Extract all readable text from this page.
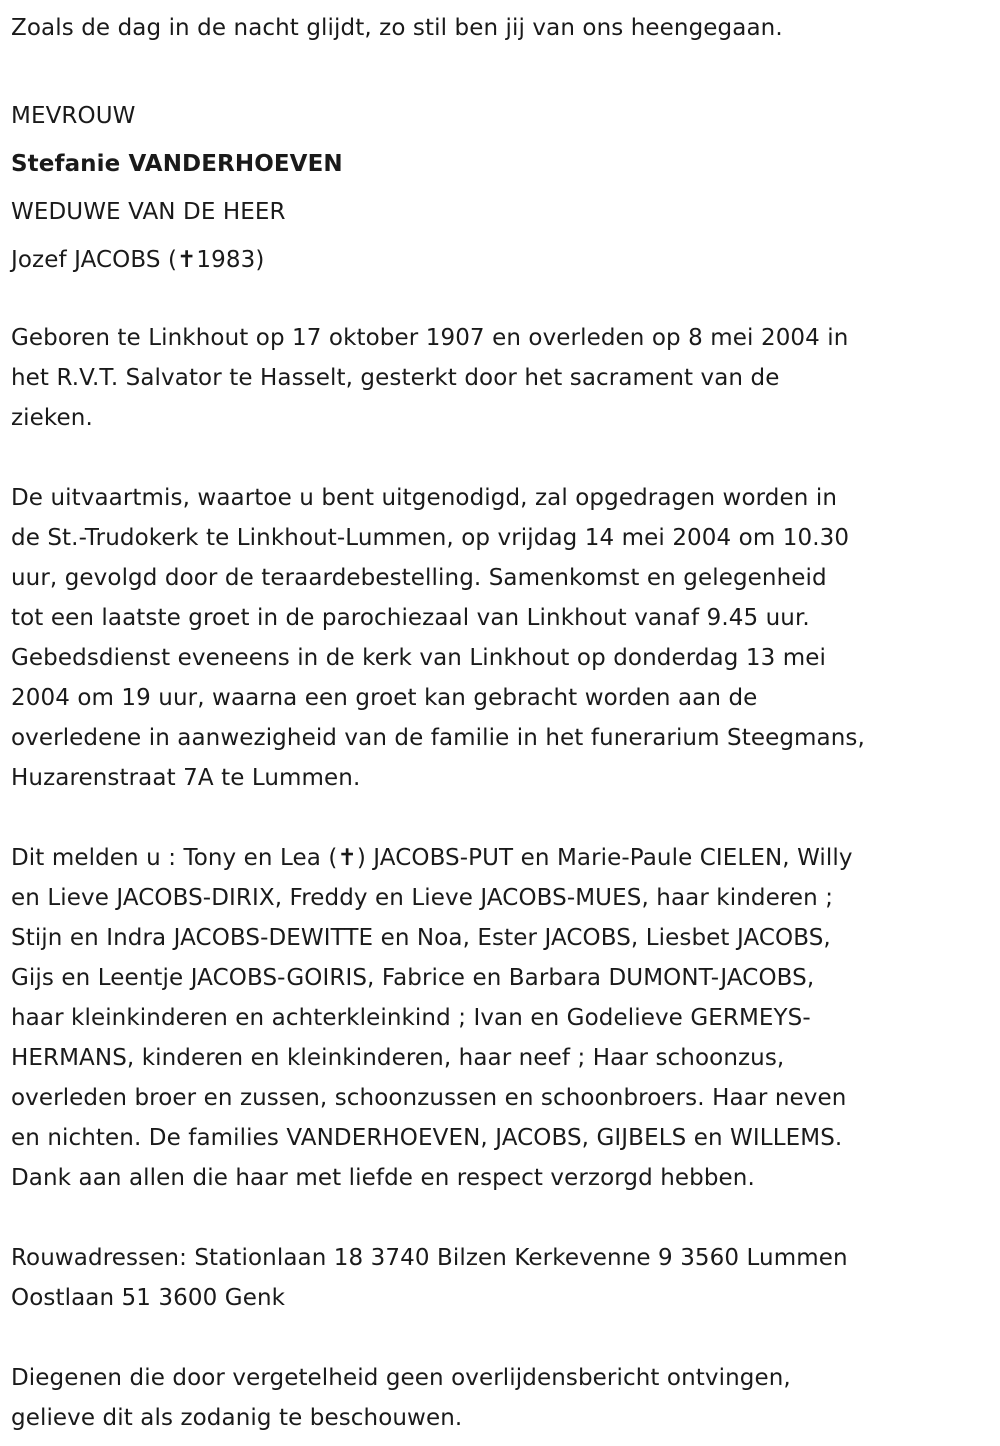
Zoals de dag in de nacht glijdt, zo stil ben jij van ons heengegaan.
MEVROUW
Stefanie VANDERHOEVEN
WEDUWE VAN DE HEER
Jozef JACOBS (✝1983)
Geboren te Linkhout op 17 oktober 1907 en overleden op 8 mei 2004 in
het R.V.T. Salvator te Hasselt, gesterkt door het sacrament van de
zieken.
De uitvaartmis, waartoe u bent uitgenodigd, zal opgedragen worden in
de St.-Trudokerk te Linkhout-Lummen, op vrijdag 14 mei 2004 om 10.30
uur, gevolgd door de teraardebestelling. Samenkomst en gelegenheid
tot een laatste groet in de parochiezaal van Linkhout vanaf 9.45 uur.
Gebedsdienst eveneens in de kerk van Linkhout op donderdag 13 mei
2004 om 19 uur, waarna een groet kan gebracht worden aan de
overledene in aanwezigheid van de familie in het funerarium Steegmans,
Huzarenstraat 7A te Lummen.
Dit melden u : Tony en Lea (✝) JACOBS-PUT en Marie-Paule CIELEN, Willy
en Lieve JACOBS-DIRIX, Freddy en Lieve JACOBS-MUES, haar kinderen ;
Stijn en Indra JACOBS-DEWITTE en Noa, Ester JACOBS, Liesbet JACOBS,
Gijs en Leentje JACOBS-GOIRIS, Fabrice en Barbara DUMONT-JACOBS,
haar kleinkinderen en achterkleinkind ; Ivan en Godelieve GERMEYS-
HERMANS, kinderen en kleinkinderen, haar neef ; Haar schoonzus,
overleden broer en zussen, schoonzussen en schoonbroers. Haar neven
en nichten. De families VANDERHOEVEN, JACOBS, GIJBELS en WILLEMS.
Dank aan allen die haar met liefde en respect verzorgd hebben.
Rouwadressen: Stationlaan 18 3740 Bilzen Kerkevenne 9 3560 Lummen
Oostlaan 51 3600 Genk
Diegenen die door vergetelheid geen overlijdensbericht ontvingen,
gelieve dit als zodanig te beschouwen.
